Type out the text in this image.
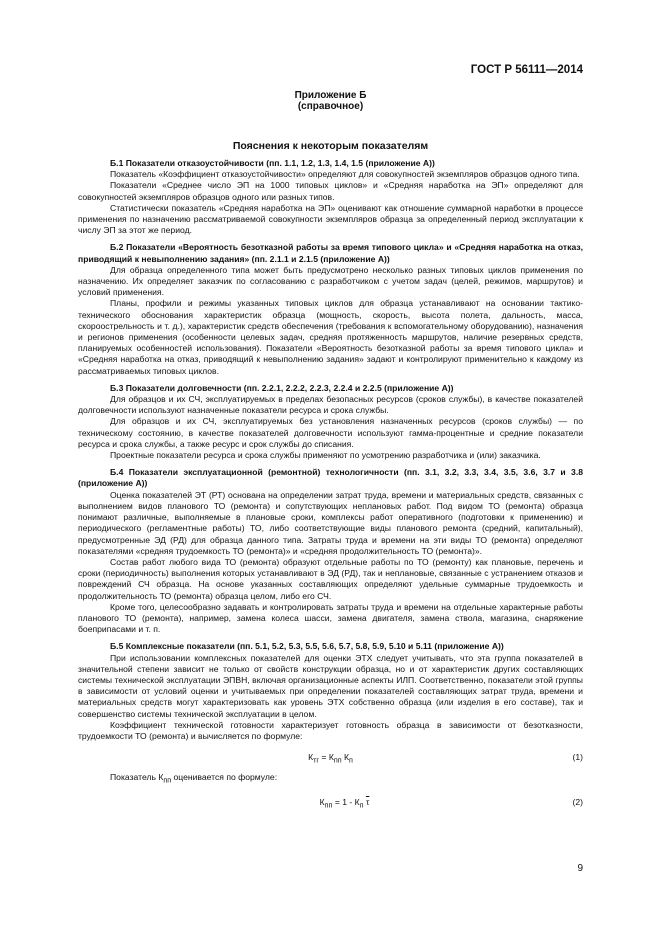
ГОСТ Р 56111—2014
Приложение Б
(справочное)
Пояснения к некоторым показателям
Б.1 Показатели отказоустойчивости (пп. 1.1, 1.2, 1.3, 1.4, 1.5 (приложение А))

Показатель «Коэффициент отказоустойчивости» определяют для совокупностей экземпляров образцов одного типа.

Показатели «Среднее число ЭП на 1000 типовых циклов» и «Средняя наработка на ЭП» определяют для совокупностей экземпляров образцов одного или разных типов.

Статистически показатель «Средняя наработка на ЭП» оценивают как отношение суммарной наработки в процессе применения по назначению рассматриваемой совокупности экземпляров образца за определенный период эксплуатации к числу ЭП за этот же период.

Б.2 Показатели «Вероятность безотказной работы за время типового цикла» и «Средняя наработка на отказ, приводящий к невыполнению задания» (пп. 2.1.1 и 2.1.5 (приложение А))

Для образца определенного типа может быть предусмотрено несколько разных типовых циклов применения по назначению. Их определяет заказчик по согласованию с разработчиком с учетом задач (целей, режимов, маршрутов) и условий применения.

Планы, профили и режимы указанных типовых циклов для образца устанавливают на основании тактико-технического обоснования характеристик образца (мощность, скорость, высота полета, дальность, масса, скороострельность и т. д.), характеристик средств обеспечения (требования к вспомогательному оборудованию), назначения и регионов применения (особенности целевых задач, средняя протяженность маршрутов, наличие резервных средств, планируемых особенностей использования). Показатели «Вероятность безотказной работы за время типового цикла» и «Средняя наработка на отказ, приводящий к невыполнению задания» задают и контролируют применительно к каждому из рассматриваемых типовых циклов.

Б.3 Показатели долговечности (пп. 2.2.1, 2.2.2, 2.2.3, 2.2.4 и 2.2.5 (приложение А))

Для образцов и их СЧ, эксплуатируемых в пределах безопасных ресурсов (сроков службы), в качестве показателей долговечности используют назначенные показатели ресурса и срока службы.

Для образцов и их СЧ, эксплуатируемых без установления назначенных ресурсов (сроков службы) — по техническому состоянию, в качестве показателей долговечности используют гамма-процентные и средние показатели ресурса и срока службы, а также ресурс и срок службы до списания.

Проектные показатели ресурса и срока службы применяют по усмотрению разработчика и (или) заказчика.

Б.4 Показатели эксплуатационной (ремонтной) технологичности (пп. 3.1, 3.2, 3.3, 3.4, 3.5, 3.6, 3.7 и 3.8 (приложение А))

Оценка показателей ЭТ (РТ) основана на определении затрат труда, времени и материальных средств, связанных с выполнением видов планового ТО (ремонта) и сопутствующих неплановых работ. Под видом ТО (ремонта) образца понимают различные, выполняемые в плановые сроки, комплексы работ оперативного (подготовки к применению) и периодического (регламентные работы) ТО, либо соответствующие виды планового ремонта (средний, капитальный), предусмотренные ЭД (РД) для образца данного типа. Затраты труда и времени на эти виды ТО (ремонта) определяют показателями «средняя трудоемкость ТО (ремонта)» и «средняя продолжительность ТО (ремонта)».

Состав работ любого вида ТО (ремонта) образуют отдельные работы по ТО (ремонту) как плановые, перечень и сроки (периодичность) выполнения которых устанавливают в ЭД (РД), так и неплановые, связанные с устранением отказов и повреждений СЧ образца. На основе указанных составляющих определяют удельные суммарные трудоемкость и продолжительность ТО (ремонта) образца целом, либо его СЧ.

Кроме того, целесообразно задавать и контролировать затраты труда и времени на отдельные характерные работы планового ТО (ремонта), например, замена колеса шасси, замена двигателя, замена ствола, магазина, снаряжение боеприпасами и т. п.

Б.5 Комплексные показатели (пп. 5.1, 5.2, 5.3, 5.5, 5.6, 5.7, 5.8, 5.9, 5.10 и 5.11 (приложение А))

При использовании комплексных показателей для оценки ЭТХ следует учитывать, что эта группа показателей в значительной степени зависит не только от свойств конструкции образца, но и от характеристик других составляющих системы технической эксплуатации ЭПВН, включая организационные аспекты ИЛП. Соответственно, показатели этой группы в зависимости от условий оценки и учитываемых при определении показателей составляющих затрат труда, времени и материальных средств могут характеризовать как уровень ЭТХ собственно образца (или изделия в его составе), так и совершенство системы технической эксплуатации в целом.

Коэффициент технической готовности характеризует готовность образца в зависимости от безотказности, трудоемкости ТО (ремонта) и вычисляется по формуле:

$К_{тг} = К_{пп}$ $К_п$	(1)

Показатель $К_{пп}$ оценивается по формуле:

$К_{пп} = 1 - К_п$ $\overline{\tau}$	(2)
9
